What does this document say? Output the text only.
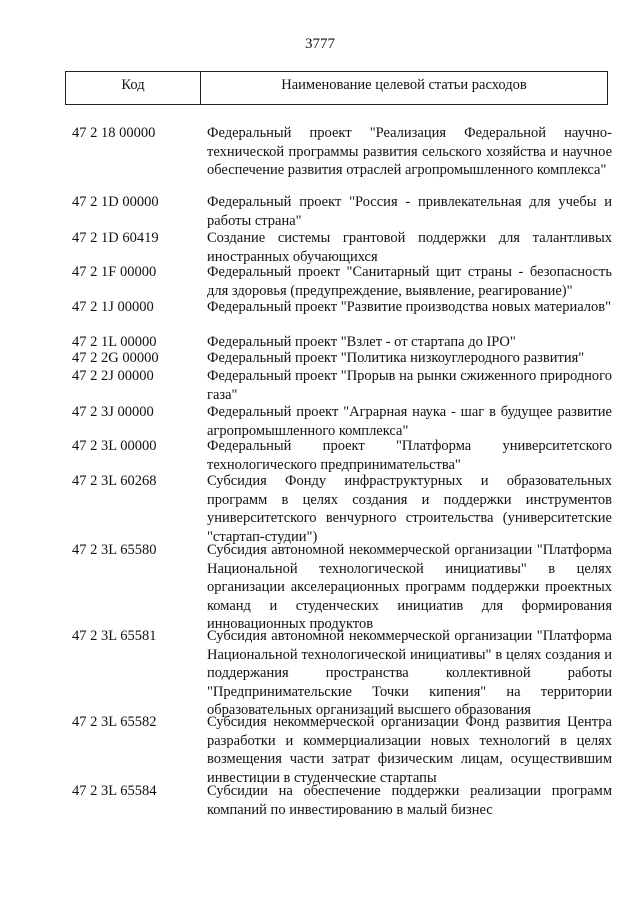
3777
Код	Наименование целевой статьи расходов
47 2 18 00000	Федеральный проект "Реализация Федеральной научно-технической программы развития сельского хозяйства и научное обеспечение развития отраслей агропромышленного комплекса"
47 2 1D 00000	Федеральный проект "Россия - привлекательная для учебы и работы страна"
47 2 1D 60419	Создание системы грантовой поддержки для талантливых иностранных обучающихся
47 2 1F 00000	Федеральный проект "Санитарный щит страны - безопасность для здоровья (предупреждение, выявление, реагирование)"
47 2 1J 00000	Федеральный проект "Развитие производства новых материалов"
47 2 1L 00000	Федеральный проект "Взлет - от стартапа до IPO"
47 2 2G 00000	Федеральный проект "Политика низкоуглеродного развития"
47 2 2J 00000	Федеральный проект "Прорыв на рынки сжиженного природного газа"
47 2 3J 00000	Федеральный проект "Аграрная наука - шаг в будущее развитие агропромышленного комплекса"
47 2 3L 00000	Федеральный проект "Платформа университетского технологического предпринимательства"
47 2 3L 60268	Субсидия Фонду инфраструктурных и образовательных программ в целях создания и поддержки инструментов университетского венчурного строительства (университетские "стартап-студии")
47 2 3L 65580	Субсидия автономной некоммерческой организации "Платформа Национальной технологической инициативы" в целях организации акселерационных программ поддержки проектных команд и студенческих инициатив для формирования инновационных продуктов
47 2 3L 65581	Субсидия автономной некоммерческой организации "Платформа Национальной технологической инициативы" в целях создания и поддержания пространства коллективной работы "Предпринимательские Точки кипения" на территории образовательных организаций высшего образования
47 2 3L 65582	Субсидия некоммерческой организации Фонд развития Центра разработки и коммерциализации новых технологий в целях возмещения части затрат физическим лицам, осуществившим инвестиции в студенческие стартапы
47 2 3L 65584	Субсидии на обеспечение поддержки реализации программ компаний по инвестированию в малый бизнес
